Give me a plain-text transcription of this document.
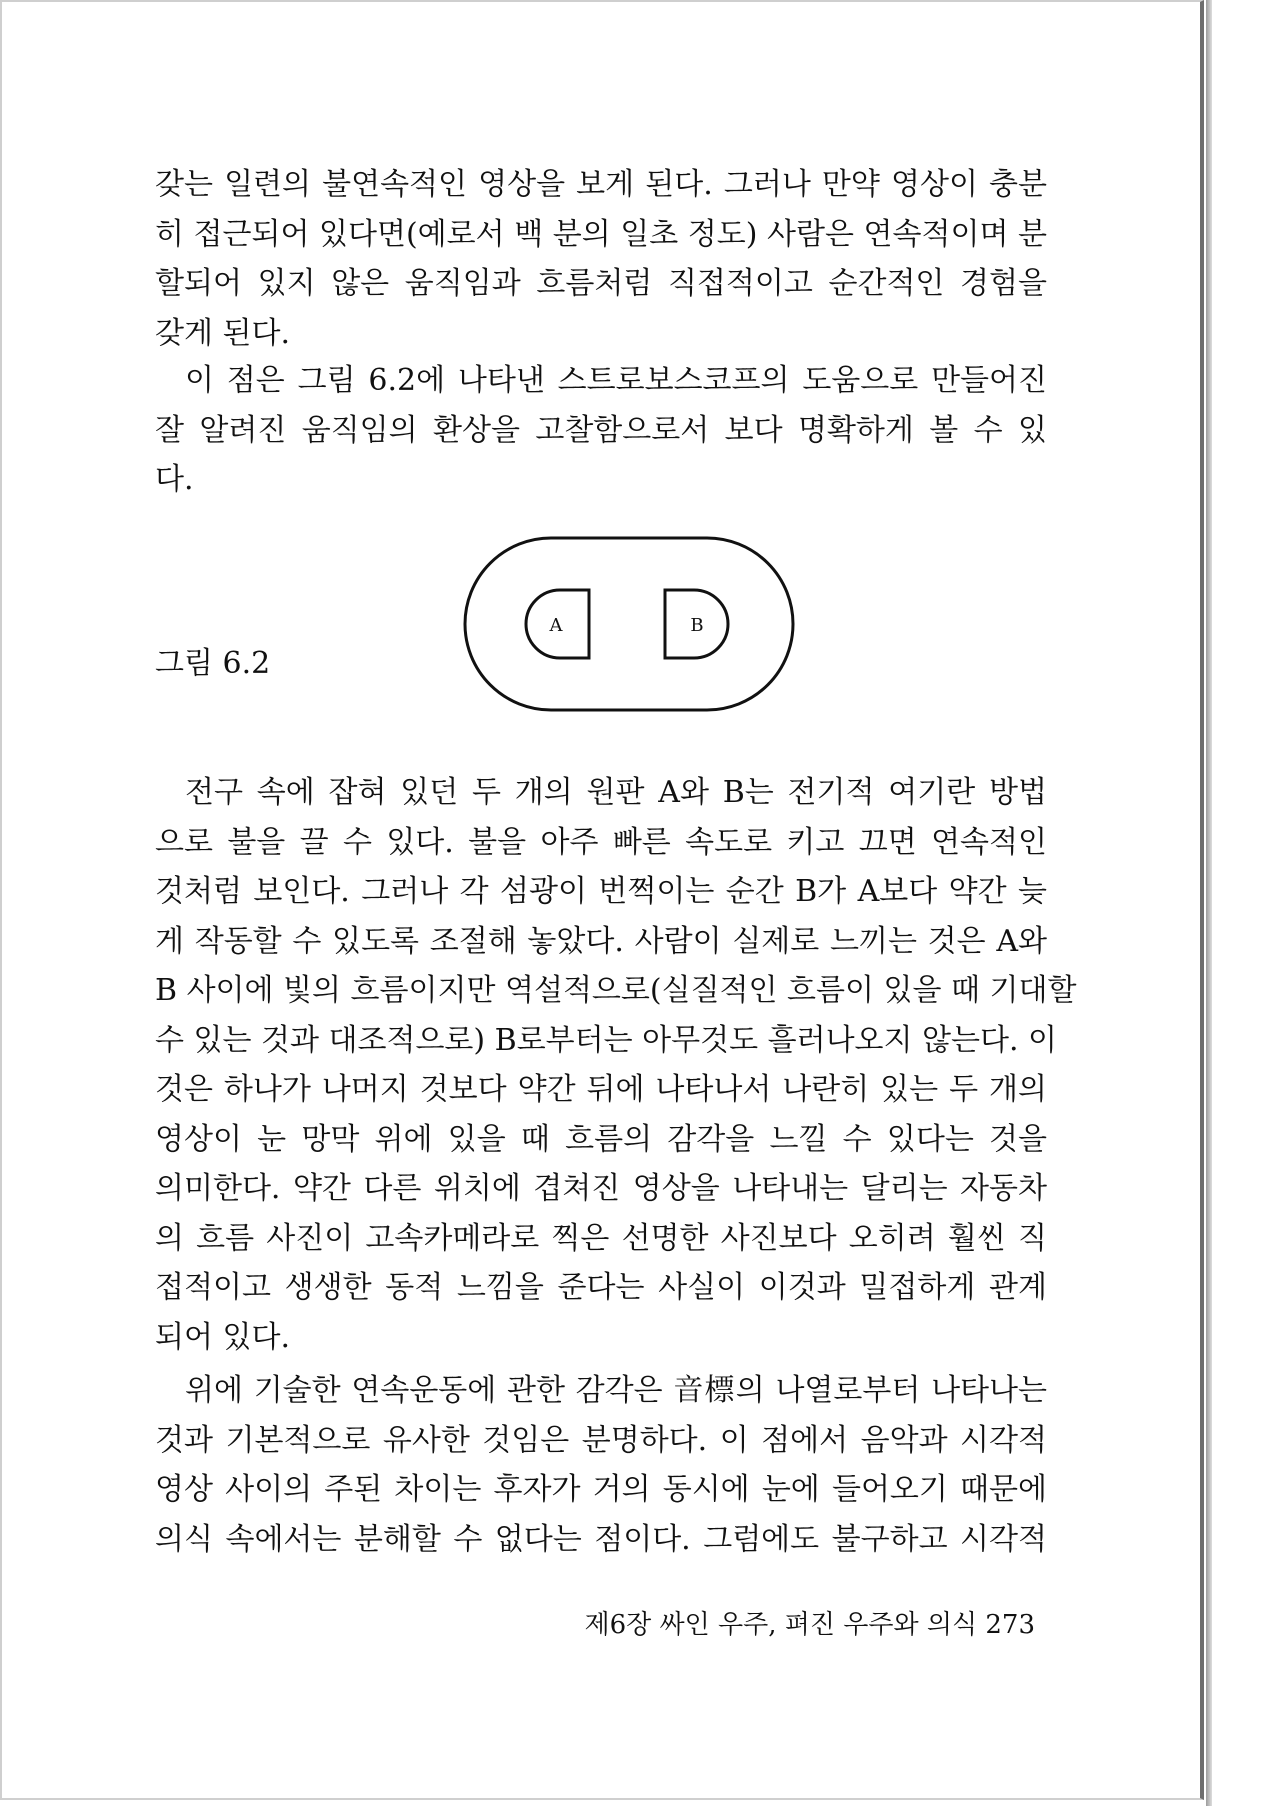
갖는 일련의 불연속적인 영상을 보게 된다. 그러나 만약 영상이 충분
히 접근되어 있다면(예로서 백 분의 일초 정도) 사람은 연속적이며 분
할되어 있지 않은 움직임과 흐름처럼 직접적이고 순간적인 경험을
갖게 된다.
이 점은 그림 6.2에 나타낸 스트로보스코프의 도움으로 만들어진
잘 알려진 움직임의 환상을 고찰함으로서 보다 명확하게 볼 수 있
다.
그림 6.2
A	B
전구 속에 잡혀 있던 두 개의 원판 A와 B는 전기적 여기란 방법
으로 불을 끌 수 있다. 불을 아주 빠른 속도로 키고 끄면 연속적인
것처럼 보인다. 그러나 각 섬광이 번쩍이는 순간 B가 A보다 약간 늦
게 작동할 수 있도록 조절해 놓았다. 사람이 실제로 느끼는 것은 A와
B 사이에 빛의 흐름이지만 역설적으로(실질적인 흐름이 있을 때 기대할
수 있는 것과 대조적으로) B로부터는 아무것도 흘러나오지 않는다. 이
것은 하나가 나머지 것보다 약간 뒤에 나타나서 나란히 있는 두 개의
영상이 눈 망막 위에 있을 때 흐름의 감각을 느낄 수 있다는 것을
의미한다. 약간 다른 위치에 겹쳐진 영상을 나타내는 달리는 자동차
의 흐름 사진이 고속카메라로 찍은 선명한 사진보다 오히려 훨씬 직
접적이고 생생한 동적 느낌을 준다는 사실이 이것과 밀접하게 관계
되어 있다.
위에 기술한 연속운동에 관한 감각은 音標의 나열로부터 나타나는
것과 기본적으로 유사한 것임은 분명하다. 이 점에서 음악과 시각적
영상 사이의 주된 차이는 후자가 거의 동시에 눈에 들어오기 때문에
의식 속에서는 분해할 수 없다는 점이다. 그럼에도 불구하고 시각적
제6장 싸인 우주, 펴진 우주와 의식 273
